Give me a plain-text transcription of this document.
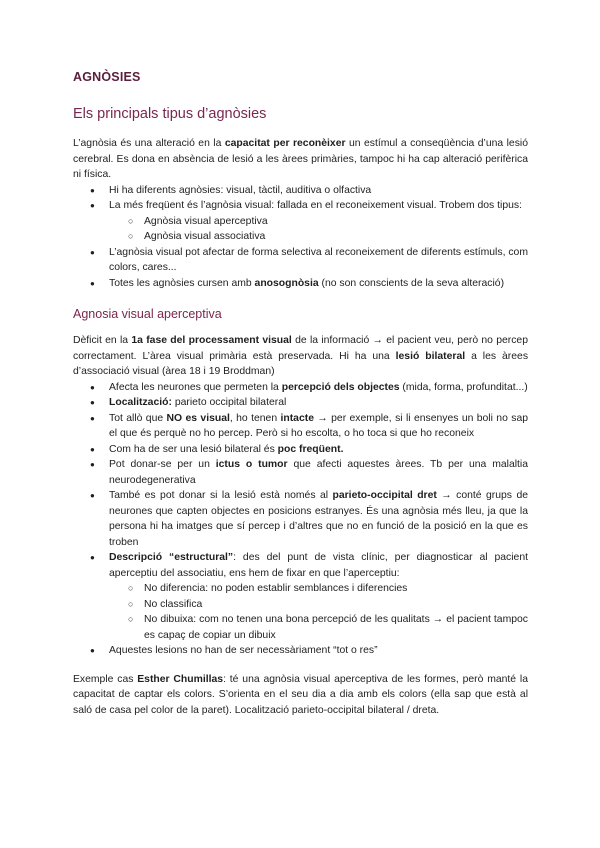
AGNÒSIES
Els principals tipus d’agnòsies

L’agnòsia és una alteració en la capacitat per reconèixer un estímul a conseqüència d’una lesió cerebral. Es dona en absència de lesió a les àrees primàries, tampoc hi ha cap alteració perifèrica ni física.

● Hi ha diferents agnòsies: visual, tàctil, auditiva o olfactiva
● La més freqüent és l’agnòsia visual: fallada en el reconeixement visual. Trobem dos tipus:
○ Agnòsia visual aperceptiva
○ Agnòsia visual associativa
● L’agnòsia visual pot afectar de forma selectiva al reconeixement de diferents estímuls, com colors, cares...
● Totes les agnòsies cursen amb anosognòsia (no son conscients de la seva alteració)
Agnosia visual aperceptiva

Dèficit en la 1a fase del processament visual de la informació → el pacient veu, però no percep correctament. L’àrea visual primària està preservada. Hi ha una lesió bilateral a les àrees d’associació visual (àrea 18 i 19 Broddman)

● Afecta les neurones que permeten la percepció dels objectes (mida, forma, profunditat...)
● Localització: parieto occipital bilateral
● Tot allò que NO es visual, ho tenen intacte → per exemple, si li ensenyes un boli no sap el que és perquè no ho percep. Però si ho escolta, o ho toca si que ho reconeix
● Com ha de ser una lesió bilateral és poc freqüent.
● Pot donar-se per un ictus o tumor que afecti aquestes àrees. Tb per una malaltia neurodegenerativa
● També es pot donar si la lesió està només al parieto-occipital dret → conté grups de neurones que capten objectes en posicions estranyes. És una agnòsia més lleu, ja que la persona hi ha imatges que sí percep i d’altres que no en funció de la posició en la que es troben
● Descripció “estructural”: des del punt de vista clínic, per diagnosticar al pacient aperceptiu del associatiu, ens hem de fixar en que l’aperceptiu:
○ No diferencia: no poden establir semblances i diferencies
○ No classifica
○ No dibuixa: com no tenen una bona percepció de les qualitats → el pacient tampoc es capaç de copiar un dibuix
● Aquestes lesions no han de ser necessàriament “tot o res”

Exemple cas Esther Chumillas: té una agnòsia visual aperceptiva de les formes, però manté la capacitat de captar els colors. S’orienta en el seu dia a dia amb els colors (ella sap que està al saló de casa pel color de la paret). Localització parieto-occipital bilateral / dreta.
